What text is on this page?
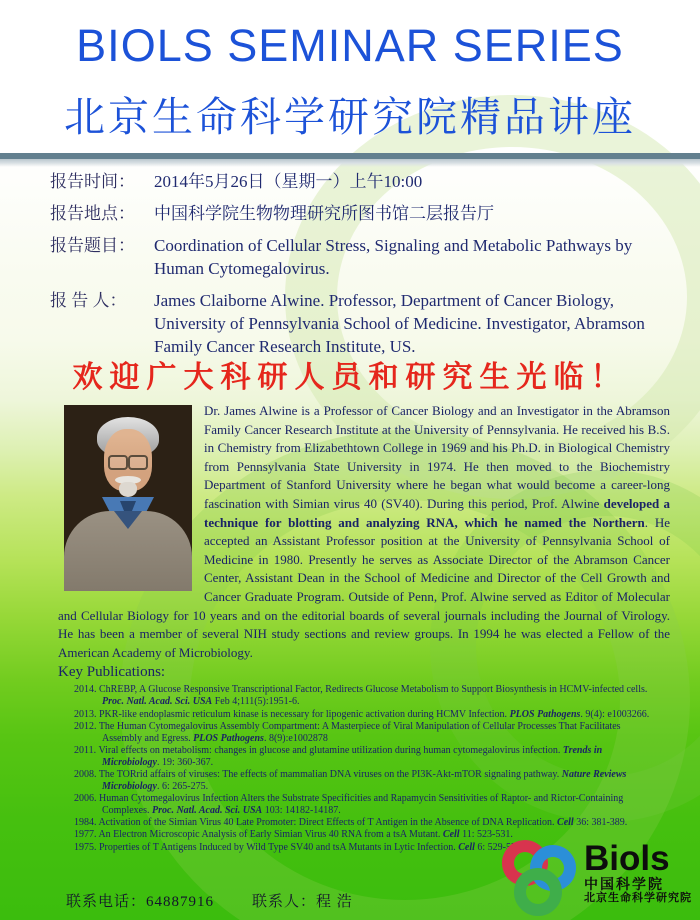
BIOLS SEMINAR SERIES
北京生命科学研究院精品讲座
报告时间：	2014年5月26日（星期一）上午10:00
报告地点：	中国科学院生物物理研究所图书馆二层报告厅
报告题目：	Coordination of Cellular Stress, Signaling and Metabolic Pathways by Human Cytomegalovirus.
报 告 人：	James Claiborne Alwine. Professor, Department of Cancer Biology, University of Pennsylvania School of Medicine. Investigator, Abramson Family Cancer Research Institute, US.
欢迎广大科研人员和研究生光临！

Dr. James Alwine is a Professor of Cancer Biology and an Investigator in the Abramson Family Cancer Research Institute at the University of Pennsylvania. He received his B.S. in Chemistry from Elizabethtown College in 1969 and his Ph.D. in Biological Chemistry from Pennsylvania State University in 1974. He then moved to the Biochemistry Department of Stanford University where he began what would become a career-long fascination with Simian virus 40 (SV40). During this period, Prof. Alwine developed a technique for blotting and analyzing RNA, which he named the Northern. He accepted an Assistant Professor position at the University of Pennsylvania School of Medicine in 1980. Presently he serves as Associate Director of the Abramson Cancer Center, Assistant Dean in the School of Medicine and Director of the Cell Growth and Cancer Graduate Program. Outside of Penn, Prof. Alwine served as Editor of Molecular and Cellular Biology for 10 years and on the editorial boards of several journals including the Journal of Virology. He has been a member of several NIH study sections and review groups. In 1994 he was elected a Fellow of the American Academy of Microbiology.

Key Publications:
2014. ChREBP, A Glucose Responsive Transcriptional Factor, Redirects Glucose Metabolism to Support Biosynthesis in HCMV-infected cells. Proc. Natl. Acad. Sci. USA Feb 4;111(5):1951-6.
2013. PKR-like endoplasmic reticulum kinase is necessary for lipogenic activation during HCMV Infection. PLOS Pathogens. 9(4): e1003266.
2012. The Human Cytomegalovirus Assembly Compartment: A Masterpiece of Viral Manipulation of Cellular Processes That Facilitates Assembly and Egress. PLOS Pathogens. 8(9):e1002878
2011. Viral effects on metabolism: changes in glucose and glutamine utilization during human cytomegalovirus infection. Trends in Microbiology. 19: 360-367.
2008. The TORrid affairs of viruses: The effects of mammalian DNA viruses on the PI3K-Akt-mTOR signaling pathway. Nature Reviews Microbiology. 6: 265-275.
2006. Human Cytomegalovirus Infection Alters the Substrate Specificities and Rapamycin Sensitivities of Raptor- and Rictor-Containing Complexes. Proc. Natl. Acad. Sci. USA 103: 14182-14187.
1984. Activation of the Simian Virus 40 Late Promoter: Direct Effects of T Antigen in the Absence of DNA Replication. Cell 36: 381-389.
1977. An Electron Microscopic Analysis of Early Simian Virus 40 RNA from a tsA Mutant. Cell 11: 523-531.
1975. Properties of T Antigens Induced by Wild Type SV40 and tsA Mutants in Lytic Infection. Cell 6: 529-533.
联系电话：64887916	联系人：程 浩
Biols
中国科学院
北京生命科学研究院
